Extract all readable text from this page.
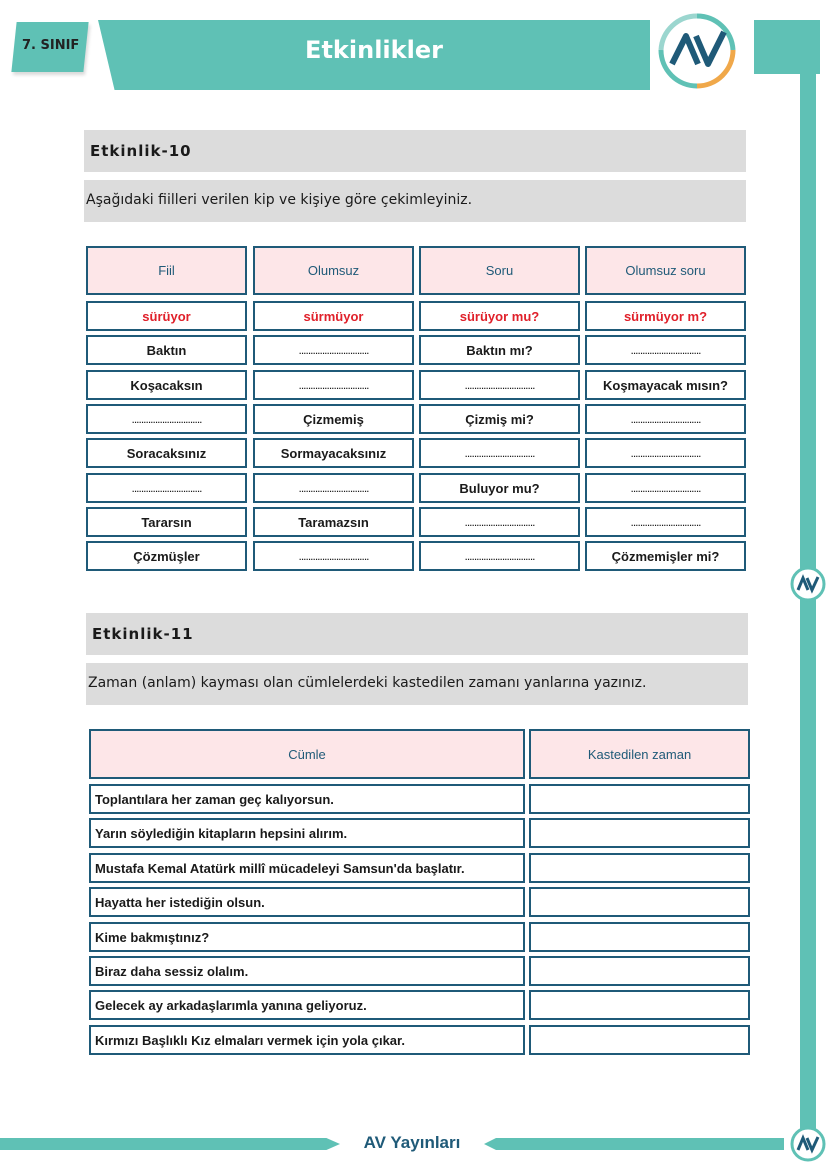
7. SINIF	Etkinlikler
Etkinlik-10
Aşağıdaki fiilleri verilen kip ve kişiye göre çekimleyiniz.
Etkinlik-11
Zaman (anlam) kayması olan cümlelerdeki kastedilen zamanı yanlarına yazınız.
AV Yayınları
Fiil	Olumsuz	Soru	Olumsuz soru
sürüyor	sürmüyor	sürüyor mu?	sürmüyor m?
Baktın	..............................	Baktın mı?	..............................
Koşacaksın	..............................	..............................	Koşmayacak mısın?
..............................	Çizmemiş	Çizmiş mi?	..............................
Soracaksınız	Sormayacaksınız	..............................	..............................
..............................	..............................	Buluyor mu?	..............................
Tararsın	Taramazsın	..............................	..............................
Çözmüşler	..............................	..............................	Çözmemişler mi?
Cümle	Kastedilen zaman
Toplantılara her zaman geç kalıyorsun.
Yarın söylediğin kitapların hepsini alırım.
Mustafa Kemal Atatürk millî mücadeleyi Samsun'da başlatır.
Hayatta her istediğin olsun.
Kime bakmıştınız?
Biraz daha sessiz olalım.
Gelecek ay arkadaşlarımla yanına geliyoruz.
Kırmızı Başlıklı Kız elmaları vermek için yola çıkar.
